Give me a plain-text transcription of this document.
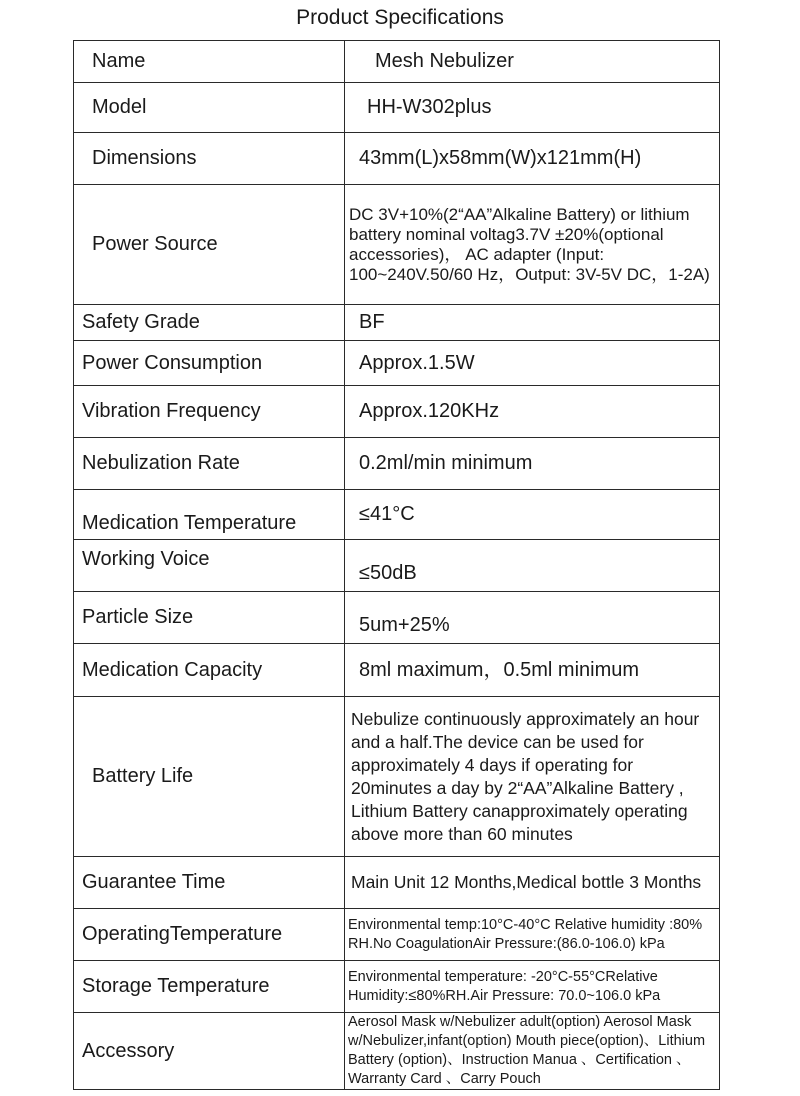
Product Specifications
Name	Mesh Nebulizer
Model	HH-W302plus
Dimensions	43mm(L)x58mm(W)x121mm(H)
Power Source	DC 3V+10%(2“AA”Alkaline Battery) or lithium battery nominal voltag3.7V ±20%(optional accessories)， AC adapter (Input: 100~240V.50/60 Hz，Output: 3V-5V DC，1-2A)
Safety Grade	BF
Power Consumption	Approx.1.5W
Vibration Frequency	Approx.120KHz
Nebulization Rate	0.2ml/min minimum
Medication Temperature	≤41°C
Working Voice	≤50dB
Particle Size	5um+25%
Medication Capacity	8ml maximum，0.5ml minimum
Battery Life	Nebulize continuously approximately an hour and a half.The device can be used for approximately 4 days if operating for 20minutes a day by 2“AA”Alkaline Battery , Lithium Battery canapproximately operating above more than 60 minutes
Guarantee Time	Main Unit 12 Months,Medical bottle 3 Months
OperatingTemperature	Environmental temp:10°C-40°C Relative humidity :80% RH.No CoagulationAir Pressure:(86.0-106.0) kPa
Storage Temperature	Environmental temperature: -20°C-55°CRelative Humidity:≤80%RH.Air Pressure: 70.0~106.0 kPa
Accessory	Aerosol Mask w/Nebulizer adult(option) Aerosol Mask w/Nebulizer,infant(option) Mouth piece(option)、Lithium Battery (option)、Instruction Manua 、Certification 、 Warranty Card 、Carry Pouch
